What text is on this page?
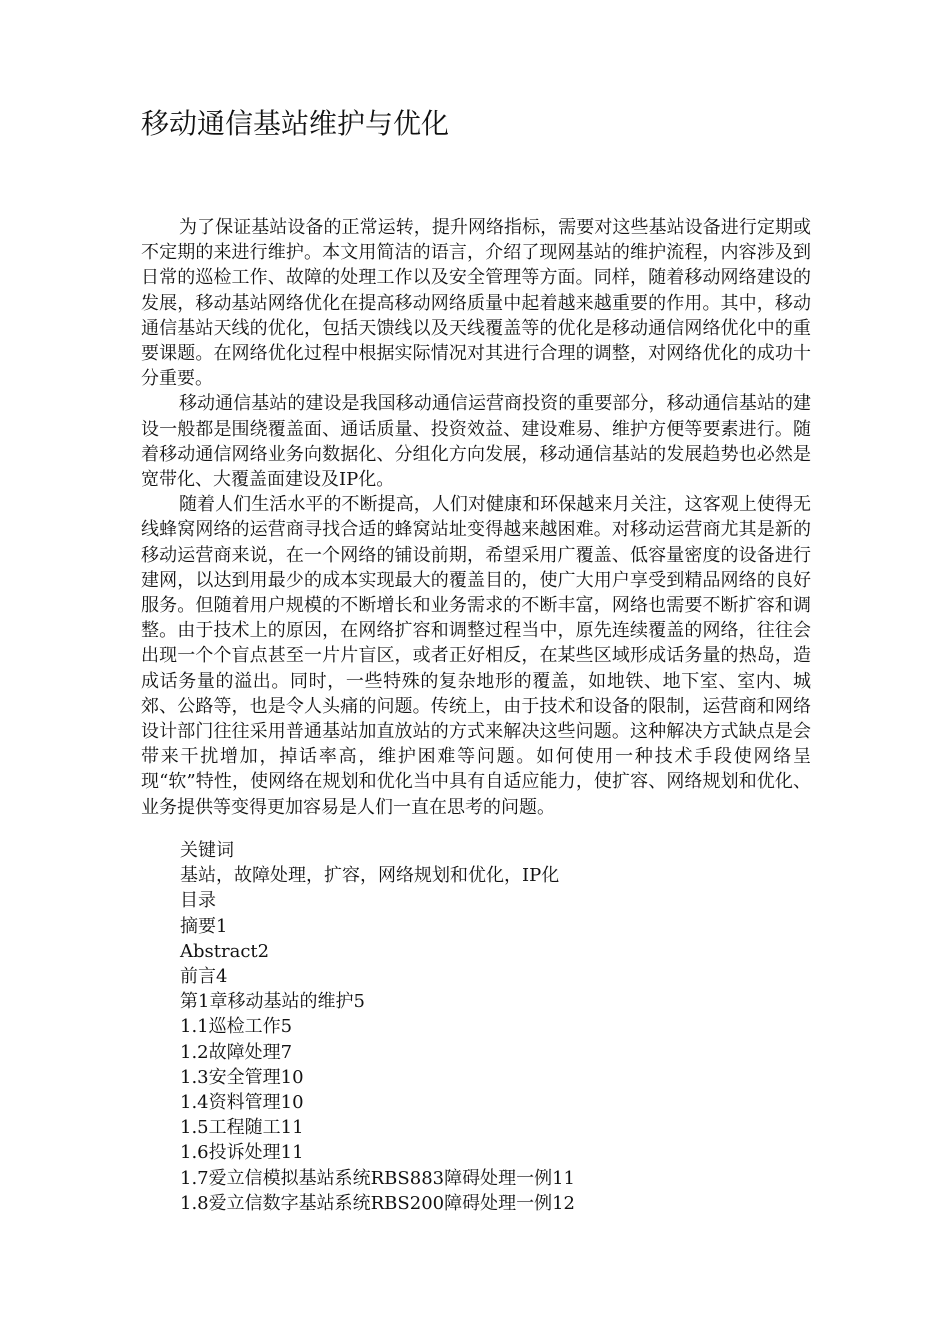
移动通信基站维护与优化

为了保证基站设备的正常运转，提升网络指标，需要对这些基站设备进行定期或不定期的来进行维护。本文用简洁的语言，介绍了现网基站的维护流程，内容涉及到日常的巡检工作、故障的处理工作以及安全管理等方面。同样，随着移动网络建设的发展，移动基站网络优化在提高移动网络质量中起着越来越重要的作用。其中，移动通信基站天线的优化，包括天馈线以及天线覆盖等的优化是移动通信网络优化中的重要课题。在网络优化过程中根据实际情况对其进行合理的调整，对网络优化的成功十分重要。

移动通信基站的建设是我国移动通信运营商投资的重要部分，移动通信基站的建设一般都是围绕覆盖面、通话质量、投资效益、建设难易、维护方便等要素进行。随着移动通信网络业务向数据化、分组化方向发展，移动通信基站的发展趋势也必然是宽带化、大覆盖面建设及IP化。

随着人们生活水平的不断提高，人们对健康和环保越来月关注，这客观上使得无线蜂窝网络的运营商寻找合适的蜂窝站址变得越来越困难。对移动运营商尤其是新的移动运营商来说，在一个网络的铺设前期，希望采用广覆盖、低容量密度的设备进行建网，以达到用最少的成本实现最大的覆盖目的，使广大用户享受到精品网络的良好服务。但随着用户规模的不断增长和业务需求的不断丰富，网络也需要不断扩容和调整。由于技术上的原因，在网络扩容和调整过程当中，原先连续覆盖的网络，往往会出现一个个盲点甚至一片片盲区，或者正好相反，在某些区域形成话务量的热岛，造成话务量的溢出。同时，一些特殊的复杂地形的覆盖，如地铁、地下室、室内、城郊、公路等，也是令人头痛的问题。传统上，由于技术和设备的限制，运营商和网络设计部门往往采用普通基站加直放站的方式来解决这些问题。这种解决方式缺点是会带来干扰增加，掉话率高，维护困难等问题。如何使用一种技术手段使网络呈现“软”特性，使网络在规划和优化当中具有自适应能力，使扩容、网络规划和优化、业务提供等变得更加容易是人们一直在思考的问题。

关键词

基站，故障处理，扩容，网络规划和优化，IP化

目录

摘要1

Abstract2

前言4

第1章移动基站的维护5

1.1巡检工作5

1.2故障处理7

1.3安全管理10

1.4资料管理10

1.5工程随工11

1.6投诉处理11

1.7爱立信模拟基站系统RBS883障碍处理一例11

1.8爱立信数字基站系统RBS200障碍处理一例12
